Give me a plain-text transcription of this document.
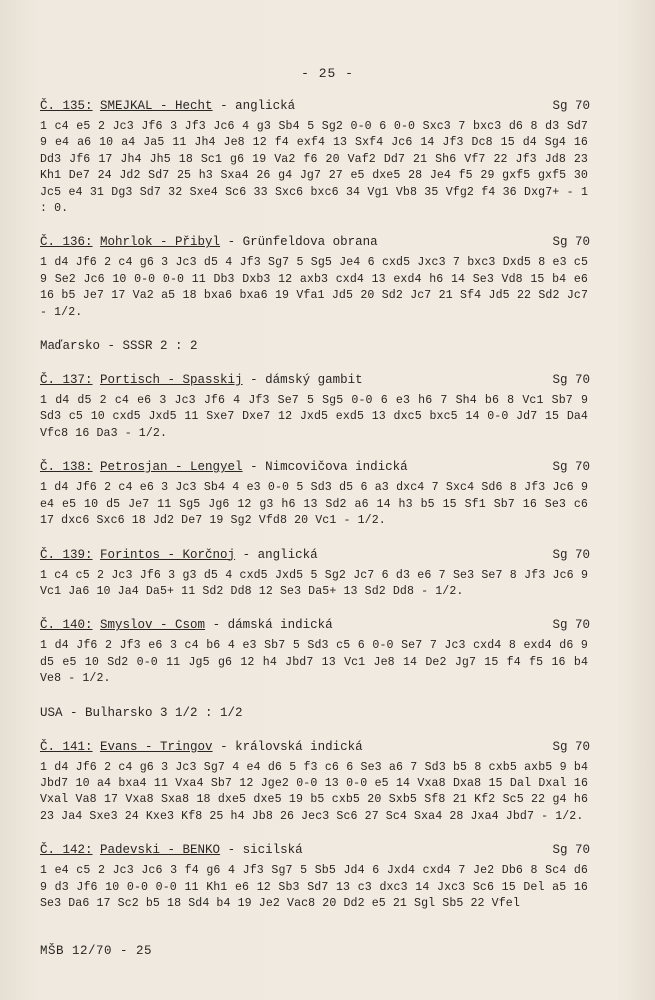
- 25 -
Č. 135: SMEJKAL - Hecht - anglická	Sg 70
1 c4 e5 2 Jc3 Jf6 3 Jf3 Jc6 4 g3 Sb4 5 Sg2 0-0 6 0-0 Sxc3 7 bxc3 d6 8 d3 Sd7 9 e4 a6 10 a4 Ja5 11 Jh4 Je8 12 f4 exf4 13 Sxf4 Jc6 14 Jf3 Dc8 15 d4 Sg4 16 Dd3 Jf6 17 Jh4 Jh5 18 Sc1 g6 19 Va2 f6 20 Vaf2 Dd7 21 Sh6 Vf7 22 Jf3 Jd8 23 Kh1 De7 24 Jd2 Sd7 25 h3 Sxa4 26 g4 Jg7 27 e5 dxe5 28 Je4 f5 29 gxf5 gxf5 30 Jc5 e4 31 Dg3 Sd7 32 Sxe4 Sc6 33 Sxc6 bxc6 34 Vg1 Vb8 35 Vfg2 f4 36 Dxg7+ - 1 : 0.
Č. 136: Mohrlok - Přibyl - Grünfeldova obrana	Sg 70
1 d4 Jf6 2 c4 g6 3 Jc3 d5 4 Jf3 Sg7 5 Sg5 Je4 6 cxd5 Jxc3 7 bxc3 Dxd5 8 e3 c5 9 Se2 Jc6 10 0-0 0-0 11 Db3 Dxb3 12 axb3 cxd4 13 exd4 h6 14 Se3 Vd8 15 b4 e6 16 b5 Je7 17 Va2 a5 18 bxa6 bxa6 19 Vfa1 Jd5 20 Sd2 Jc7 21 Sf4 Jd5 22 Sd2 Jc7 - 1/2.
Maďarsko - SSSR 2 : 2
Č. 137: Portisch - Spasskij - dámský gambit	Sg 70
1 d4 d5 2 c4 e6 3 Jc3 Jf6 4 Jf3 Se7 5 Sg5 0-0 6 e3 h6 7 Sh4 b6 8 Vc1 Sb7 9 Sd3 c5 10 cxd5 Jxd5 11 Sxe7 Dxe7 12 Jxd5 exd5 13 dxc5 bxc5 14 0-0 Jd7 15 Da4 Vfc8 16 Da3 - 1/2.
Č. 138: Petrosjan - Lengyel - Nimcovičova indická	Sg 70
1 d4 Jf6 2 c4 e6 3 Jc3 Sb4 4 e3 0-0 5 Sd3 d5 6 a3 dxc4 7 Sxc4 Sd6 8 Jf3 Jc6 9 e4 e5 10 d5 Je7 11 Sg5 Jg6 12 g3 h6 13 Sd2 a6 14 h3 b5 15 Sf1 Sb7 16 Se3 c6 17 dxc6 Sxc6 18 Jd2 De7 19 Sg2 Vfd8 20 Vc1 - 1/2.
Č. 139: Forintos - Korčnoj - anglická	Sg 70
1 c4 c5 2 Jc3 Jf6 3 g3 d5 4 cxd5 Jxd5 5 Sg2 Jc7 6 d3 e6 7 Se3 Se7 8 Jf3 Jc6 9 Vc1 Ja6 10 Ja4 Da5+ 11 Sd2 Dd8 12 Se3 Da5+ 13 Sd2 Dd8 - 1/2.
Č. 140: Smyslov - Csom - dámská indická	Sg 70
1 d4 Jf6 2 Jf3 e6 3 c4 b6 4 e3 Sb7 5 Sd3 c5 6 0-0 Se7 7 Jc3 cxd4 8 exd4 d6 9 d5 e5 10 Sd2 0-0 11 Jg5 g6 12 h4 Jbd7 13 Vc1 Je8 14 De2 Jg7 15 f4 f5 16 b4 Ve8 - 1/2.
USA - Bulharsko 3 1/2 : 1/2
Č. 141: Evans - Tringov - královská indická	Sg 70
1 d4 Jf6 2 c4 g6 3 Jc3 Sg7 4 e4 d6 5 f3 c6 6 Se3 a6 7 Sd3 b5 8 cxb5 axb5 9 b4 Jbd7 10 a4 bxa4 11 Vxa4 Sb7 12 Jge2 0-0 13 0-0 e5 14 Vxa8 Dxa8 15 Dal Dxal 16 Vxal Va8 17 Vxa8 Sxa8 18 dxe5 dxe5 19 b5 cxb5 20 Sxb5 Sf8 21 Kf2 Sc5 22 g4 h6 23 Ja4 Sxe3 24 Kxe3 Kf8 25 h4 Jb8 26 Jec3 Sc6 27 Sc4 Sxa4 28 Jxa4 Jbd7 - 1/2.
Č. 142: Padevski - BENKO - sicilská	Sg 70
1 e4 c5 2 Jc3 Jc6 3 f4 g6 4 Jf3 Sg7 5 Sb5 Jd4 6 Jxd4 cxd4 7 Je2 Db6 8 Sc4 d6 9 d3 Jf6 10 0-0 0-0 11 Kh1 e6 12 Sb3 Sd7 13 c3 dxc3 14 Jxc3 Sc6 15 Del a5 16 Se3 Da6 17 Sc2 b5 18 Sd4 b4 19 Je2 Vac8 20 Dd2 e5 21 Sgl Sb5 22 Vfel
MŠB 12/70 - 25
